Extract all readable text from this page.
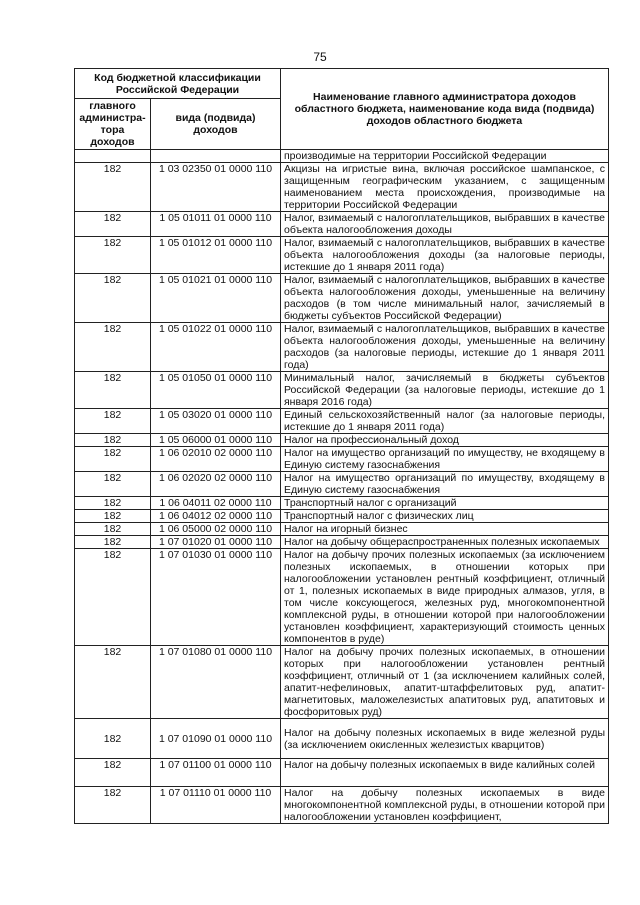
75
Код бюджетной классификации Российской Федерации		Наименование главного администратора доходов областного бюджета, наименование кода вида (подвида) доходов областного бюджета
главного администра-тора доходов	вида (подвида) доходов	
		производимые на территории Российской Федерации
182	1 03 02350 01 0000 110	Акцизы на игристые вина, включая российское шампанское, с защищенным географическим указанием, с защищенным наименованием места происхождения, производимые на территории Российской Федерации
182	1 05 01011 01 0000 110	Налог, взимаемый с налогоплательщиков, выбравших в качестве объекта налогообложения доходы
182	1 05 01012 01 0000 110	Налог, взимаемый с налогоплательщиков, выбравших в качестве объекта налогообложения доходы (за налоговые периоды, истекшие до 1 января 2011 года)
182	1 05 01021 01 0000 110	Налог, взимаемый с налогоплательщиков, выбравших в качестве объекта налогообложения доходы, уменьшенные на величину расходов (в том числе минимальный налог, зачисляемый в бюджеты субъектов Российской Федерации)
182	1 05 01022 01 0000 110	Налог, взимаемый с налогоплательщиков, выбравших в качестве объекта налогообложения доходы, уменьшенные на величину расходов (за налоговые периоды, истекшие до 1 января 2011 года)
182	1 05 01050 01 0000 110	Минимальный налог, зачисляемый в бюджеты субъектов Российской Федерации (за налоговые периоды, истекшие до 1 января 2016 года)
182	1 05 03020 01 0000 110	Единый сельскохозяйственный налог (за налоговые периоды, истекшие до 1 января 2011 года)
182	1 05 06000 01 0000 110	Налог на профессиональный доход
182	1 06 02010 02 0000 110	Налог на имущество организаций по имуществу, не входящему в Единую систему газоснабжения
182	1 06 02020 02 0000 110	Налог на имущество организаций по имуществу, входящему в Единую систему газоснабжения
182	1 06 04011 02 0000 110	Транспортный налог с организаций
182	1 06 04012 02 0000 110	Транспортный налог с физических лиц
182	1 06 05000 02 0000 110	Налог на игорный бизнес
182	1 07 01020 01 0000 110	Налог на добычу общераспространенных полезных ископаемых
182	1 07 01030 01 0000 110	Налог на добычу прочих полезных ископаемых (за исключением полезных ископаемых, в отношении которых при налогообложении установлен рентный коэффициент, отличный от 1, полезных ископаемых в виде природных алмазов, угля, в том числе коксующегося, железных руд, многокомпонентной комплексной руды, в отношении которой при налогообложении установлен коэффициент, характеризующий стоимость ценных компонентов в руде)
182	1 07 01080 01 0000 110	Налог на добычу прочих полезных ископаемых, в отношении которых при налогообложении установлен рентный коэффициент, отличный от 1 (за исключением калийных солей, апатит-нефелиновых, апатит-штаффелитовых руд, апатит-магнетитовых, маложелезистых апатитовых руд, апатитовых и фосфоритовых руд)
182	1 07 01090 01 0000 110	Налог на добычу полезных ископаемых в виде железной руды (за исключением окисленных железистых кварцитов)
182	1 07 01100 01 0000 110	Налог на добычу полезных ископаемых в виде калийных солей
182	1 07 01110 01 0000 110	Налог на добычу полезных ископаемых в виде многокомпонентной комплексной руды, в отношении которой при налогообложении установлен коэффициент,
